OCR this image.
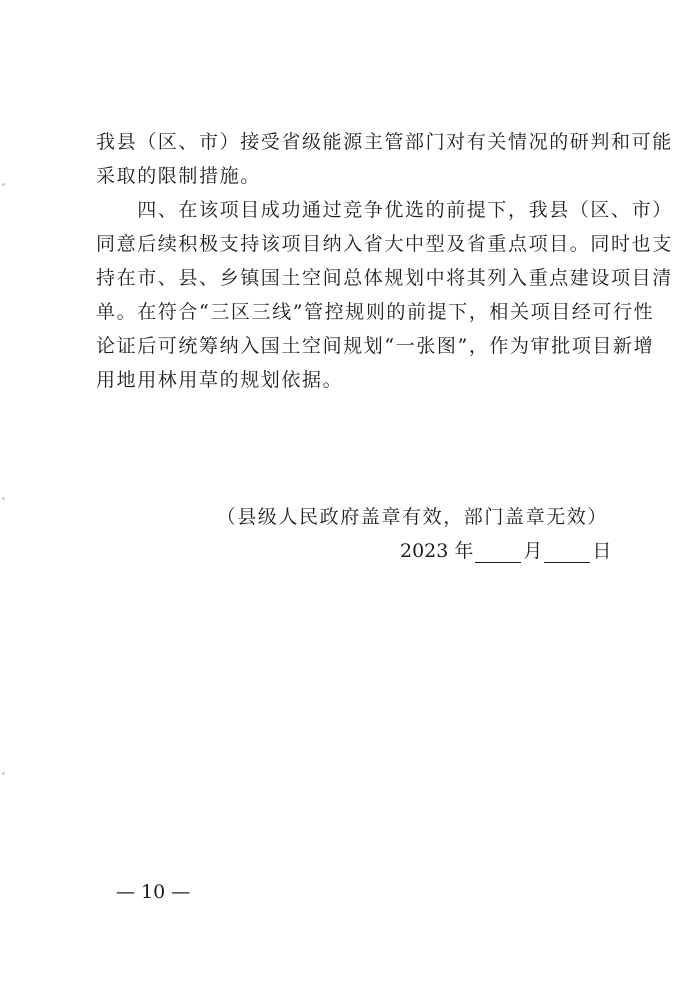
我县（区、市）接受省级能源主管部门对有关情况的研判和可能
采取的限制措施。
　　四、在该项目成功通过竞争优选的前提下，我县（区、市）
同意后续积极支持该项目纳入省大中型及省重点项目。同时也支
持在市、县、乡镇国土空间总体规划中将其列入重点建设项目清
单。在符合“三区三线”管控规则的前提下，相关项目经可行性
论证后可统筹纳入国土空间规划“一张图”，作为审批项目新增
用地用林用草的规划依据。
（县级人民政府盖章有效，部门盖章无效）
2023 年	月	日
— 10 —
